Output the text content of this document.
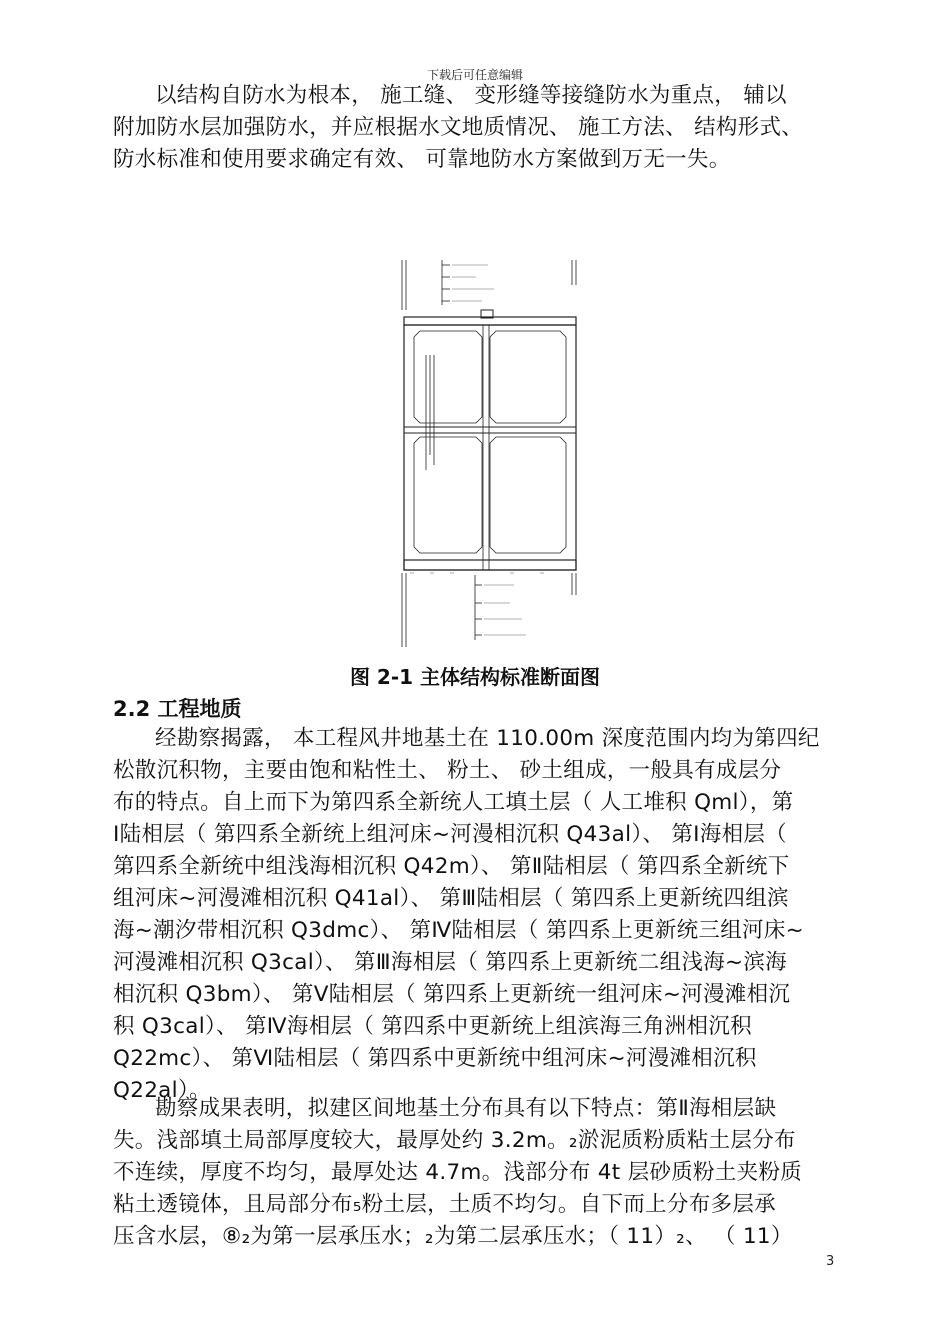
下载后可任意编辑
以结构自防水为根本， 施工缝、 变形缝等接缝防水为重点， 辅以
附加防水层加强防水，并应根据水文地质情况、 施工方法、 结构形式、
防水标准和使用要求确定有效、 可靠地防水方案做到万无一失。
图 2-1 主体结构标准断面图
2.2 工程地质
经勘察揭露， 本工程风井地基土在 110.00m 深度范围内均为第四纪
松散沉积物，主要由饱和粘性土、 粉土、 砂土组成，一般具有成层分
布的特点。自上而下为第四系全新统人工填土层（ 人工堆积 Qml），第
I陆相层（ 第四系全新统上组河床~河漫相沉积 Q43al）、 第Ⅰ海相层（
第四系全新统中组浅海相沉积 Q42m）、 第Ⅱ陆相层（ 第四系全新统下
组河床~河漫滩相沉积 Q41al）、 第Ⅲ陆相层（ 第四系上更新统四组滨
海~潮汐带相沉积 Q3dmc）、 第Ⅳ陆相层（ 第四系上更新统三组河床~
河漫滩相沉积 Q3cal）、 第Ⅲ海相层（ 第四系上更新统二组浅海~滨海
相沉积 Q3bm）、 第Ⅴ陆相层（ 第四系上更新统一组河床~河漫滩相沉
积 Q3cal）、 第Ⅳ海相层（ 第四系中更新统上组滨海三角洲相沉积
Q22mc）、 第Ⅵ陆相层（ 第四系中更新统中组河床~河漫滩相沉积
Q22al）。
勘察成果表明，拟建区间地基土分布具有以下特点：第Ⅱ海相层缺
失。浅部填土局部厚度较大，最厚处约 3.2m。₂淤泥质粉质粘土层分布
不连续，厚度不均匀，最厚处达 4.7m。浅部分布 4t 层砂质粉土夹粉质
粘土透镜体，且局部分布₅粉土层，土质不均匀。自下而上分布多层承
压含水层，⑧₂为第一层承压水；₂为第二层承压水；（ 11）₂、 （ 11）
3
